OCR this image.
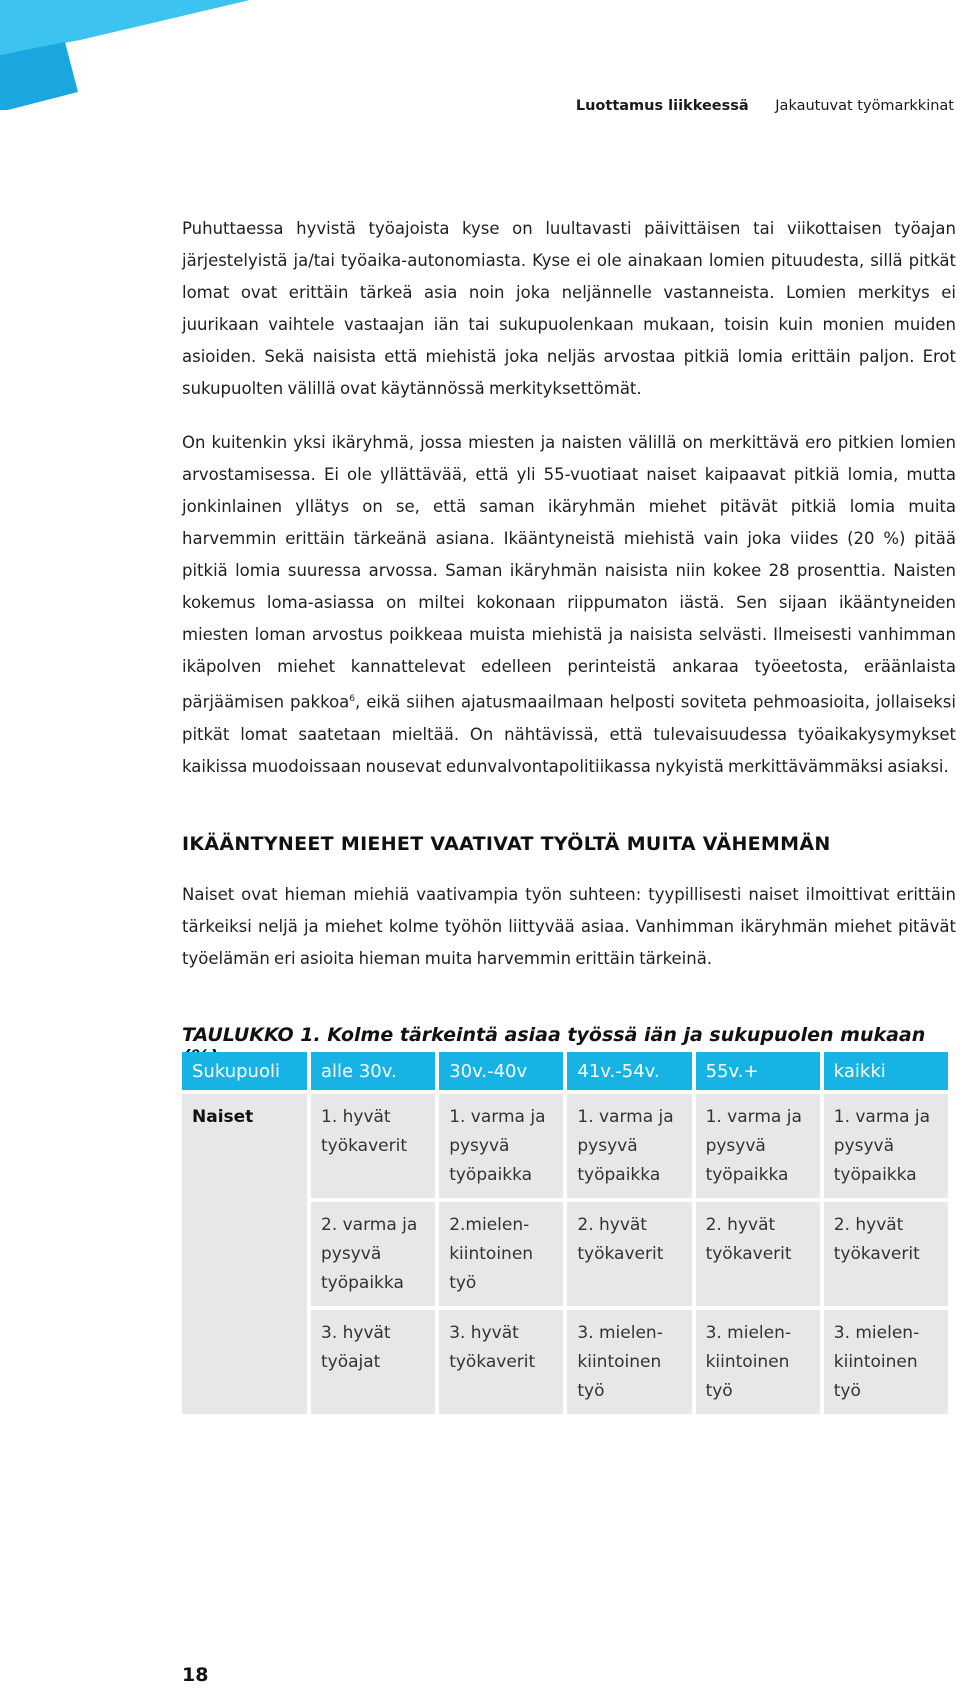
Luottamus liikkeessä Jakautuvat työmarkkinat

Puhuttaessa hyvistä työajoista kyse on luultavasti päivittäisen tai viikottaisen työajan järjestelyistä ja/tai työaika-autonomiasta. Kyse ei ole ainakaan lomien pituudesta, sillä pitkät lomat ovat erittäin tärkeä asia noin joka neljännelle vastanneista. Lomien merkitys ei juurikaan vaihtele vastaajan iän tai sukupuolenkaan mukaan, toisin kuin monien muiden asioiden. Sekä naisista että miehistä joka neljäs arvostaa pitkiä lomia erittäin paljon. Erot sukupuolten välillä ovat käytännössä merkityksettömät.

On kuitenkin yksi ikäryhmä, jossa miesten ja naisten välillä on merkittävä ero pitkien lomien arvostamisessa. Ei ole yllättävää, että yli 55-vuotiaat naiset kaipaavat pitkiä lomia, mutta jonkinlainen yllätys on se, että saman ikäryhmän miehet pitävät pitkiä lomia muita harvemmin erittäin tärkeänä asiana. Ikääntyneistä miehistä vain joka viides (20 %) pitää pitkiä lomia suuressa arvossa. Saman ikäryhmän naisista niin kokee 28 prosenttia. Naisten kokemus loma-asiassa on miltei kokonaan riippumaton iästä. Sen sijaan ikääntyneiden miesten loman arvostus poikkeaa muista miehistä ja naisista selvästi. Ilmeisesti vanhimman ikäpolven miehet kannattelevat edelleen perinteistä ankaraa työeetosta, eräänlaista pärjäämisen pakkoa$^6$, eikä siihen ajatusmaailmaan helposti soviteta pehmoasioita, jollaiseksi pitkät lomat saatetaan mieltää. On nähtävissä, että tulevaisuudessa työaikakysymykset kaikissa muodoissaan nousevat edunvalvontapolitiikassa nykyistä merkittävämmäksi asiaksi.

IKÄÄNTYNEET MIEHET VAATIVAT TYÖLTÄ MUITA VÄHEMMÄN

Naiset ovat hieman miehiä vaativampia työn suhteen: tyypillisesti naiset ilmoittivat erittäin tärkeiksi neljä ja miehet kolme työhön liittyvää asiaa. Vanhimman ikäryhmän miehet pitävät työelämän eri asioita hieman muita harvemmin erittäin tärkeinä.

TAULUKKO 1. Kolme tärkeintä asiaa työssä iän ja sukupuolen mukaan
Sukupuoli	alle 30v.	30v.-40v	41v.-54v.	55v.+	kaikki
Naiset	1. hyvät työkaverit	1. varma ja pysyvä työpaikka	1. varma ja pysyvä työpaikka	1. varma ja pysyvä työpaikka	1. varma ja pysyvä työpaikka
	2. varma ja pysyvä työpaikka	2.mielen-kiintoinen työ	2. hyvät työkaverit	2. hyvät työkaverit	2. hyvät työkaverit
	3. hyvät työajat	3. hyvät työkaverit	3. mielen-kiintoinen työ	3. mielen-kiintoinen työ	3. mielen-kiintoinen työ
18
